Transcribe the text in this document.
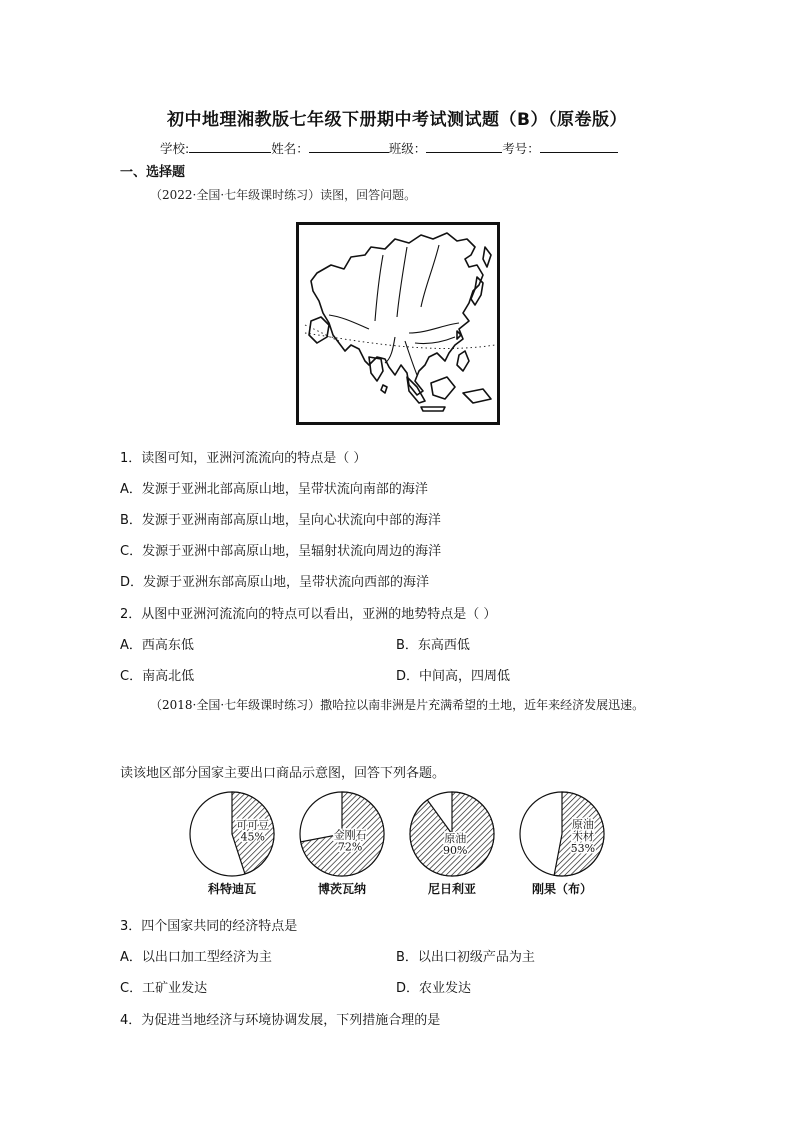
初中地理湘教版七年级下册期中考试测试题（B）（原卷版）
学校:	姓名：	班级：	考号：
一、选择题
（2022·全国·七年级课时练习）读图，回答问题。
1．读图可知，亚洲河流流向的特点是（ ）
A．发源于亚洲北部高原山地，呈带状流向南部的海洋
B．发源于亚洲南部高原山地，呈向心状流向中部的海洋
C．发源于亚洲中部高原山地，呈辐射状流向周边的海洋
D．发源于亚洲东部高原山地，呈带状流向西部的海洋
2．从图中亚洲河流流向的特点可以看出，亚洲的地势特点是（ ）
A．西高东低	B．东高西低
C．南高北低	D．中间高，四周低
（2018·全国·七年级课时练习）撒哈拉以南非洲是片充满希望的土地，近年来经济发展迅速。
读该地区部分国家主要出口商品示意图，回答下列各题。
可可豆
45%
科特迪瓦
金刚石
72%
博茨瓦纳
原油
90%
尼日利亚
原油
木材
53%
刚果（布）
3．四个国家共同的经济特点是
A．以出口加工型经济为主	B．以出口初级产品为主
C．工矿业发达	D．农业发达
4．为促进当地经济与环境协调发展，下列措施合理的是
